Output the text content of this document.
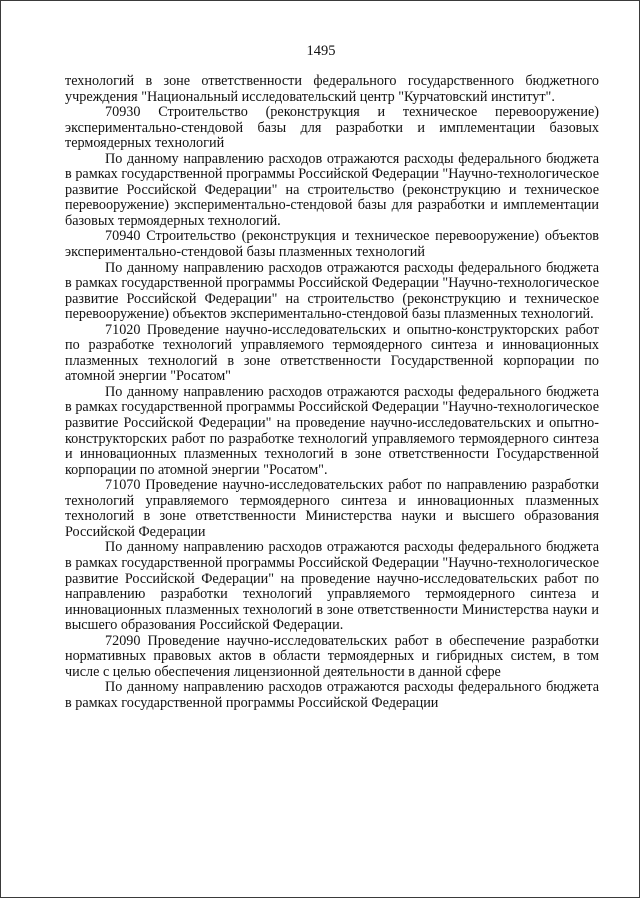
1495

технологий в зоне ответственности федерального государственного бюджетного учреждения "Национальный исследовательский центр "Курчатовский институт".

70930 Строительство (реконструкция и техническое перевооружение) экспериментально-стендовой базы для разработки и имплементации базовых термоядерных технологий

По данному направлению расходов отражаются расходы федерального бюджета в рамках государственной программы Российской Федерации "Научно-технологическое развитие Российской Федерации" на строительство (реконструкцию и техническое перевооружение) экспериментально-стендовой базы для разработки и имплементации базовых термоядерных технологий.

70940 Строительство (реконструкция и техническое перевооружение) объектов экспериментально-стендовой базы плазменных технологий

По данному направлению расходов отражаются расходы федерального бюджета в рамках государственной программы Российской Федерации "Научно-технологическое развитие Российской Федерации" на строительство (реконструкцию и техническое перевооружение) объектов экспериментально-стендовой базы плазменных технологий.

71020 Проведение научно-исследовательских и опытно-конструкторских работ по разработке технологий управляемого термоядерного синтеза и инновационных плазменных технологий в зоне ответственности Государственной корпорации по атомной энергии "Росатом"

По данному направлению расходов отражаются расходы федерального бюджета в рамках государственной программы Российской Федерации "Научно-технологическое развитие Российской Федерации" на проведение научно-исследовательских и опытно-конструкторских работ по разработке технологий управляемого термоядерного синтеза и инновационных плазменных технологий в зоне ответственности Государственной корпорации по атомной энергии "Росатом".

71070 Проведение научно-исследовательских работ по направлению разработки технологий управляемого термоядерного синтеза и инновационных плазменных технологий в зоне ответственности Министерства науки и высшего образования Российской Федерации

По данному направлению расходов отражаются расходы федерального бюджета в рамках государственной программы Российской Федерации "Научно-технологическое развитие Российской Федерации" на проведение научно-исследовательских работ по направлению разработки технологий управляемого термоядерного синтеза и инновационных плазменных технологий в зоне ответственности Министерства науки и высшего образования Российской Федерации.

72090 Проведение научно-исследовательских работ в обеспечение разработки нормативных правовых актов в области термоядерных и гибридных систем, в том числе с целью обеспечения лицензионной деятельности в данной сфере

По данному направлению расходов отражаются расходы федерального бюджета в рамках государственной программы Российской Федерации
